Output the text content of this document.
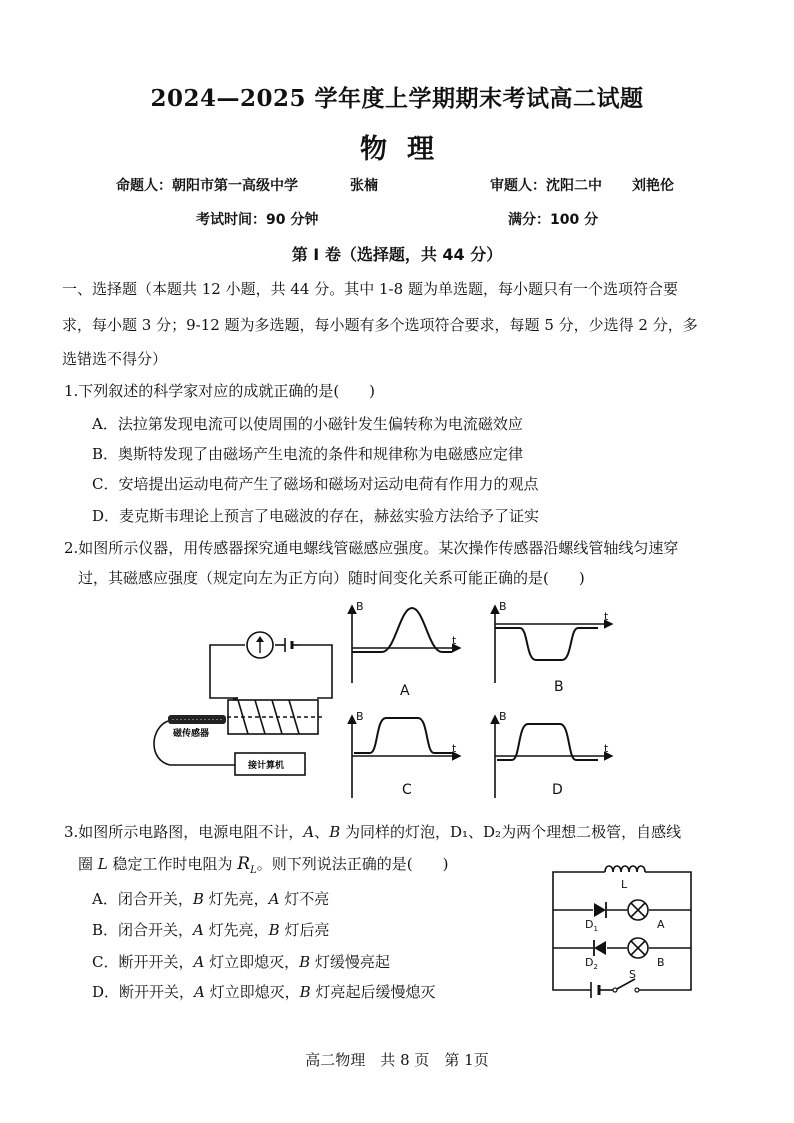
2024—2025 学年度上学期期末考试高二试题
物 理
命题人：朝阳市第一高级中学	张楠	审题人：沈阳二中 刘艳伦
考试时间：90 分钟	满分：100 分
第 I 卷（选择题，共 44 分）
一、选择题（本题共 12 小题，共 44 分。其中 1-8 题为单选题，每小题只有一个选项符合要
求，每小题 3 分；9-12 题为多选题，每小题有多个选项符合要求，每题 5 分，少选得 2 分，多
选错选不得分）
1.下列叙述的科学家对应的成就正确的是(　　)
A．法拉第发现电流可以使周围的小磁针发生偏转称为电流磁效应
B．奥斯特发现了由磁场产生电流的条件和规律称为电磁感应定律
C．安培提出运动电荷产生了磁场和磁场对运动电荷有作用力的观点
D．麦克斯韦理论上预言了电磁波的存在，赫兹实验方法给予了证实
2.如图所示仪器，用传感器探究通电螺线管磁感应强度。某次操作传感器沿螺线管轴线匀速穿
过，其磁感应强度（规定向左为正方向）随时间变化关系可能正确的是(　　)
磁传感器
接计算机
B
t
B
t
B
t
B
t
A	B
C	D
3.如图所示电路图，电源电阻不计，A、B 为同样的灯泡，D₁、D₂为两个理想二极管，自感线
圈 L 稳定工作时电阻为 $R_L$。则下列说法正确的是(　　)
A．闭合开关，B 灯先亮，A 灯不亮
B．闭合开关，A 灯先亮，B 灯后亮
C．断开开关，A 灯立即熄灭，B 灯缓慢亮起
D．断开开关，A 灯立即熄灭，B 灯亮起后缓慢熄灭
L
$D_1$	A
$D_2$	B
S
高二物理　共 8 页　第 1页
